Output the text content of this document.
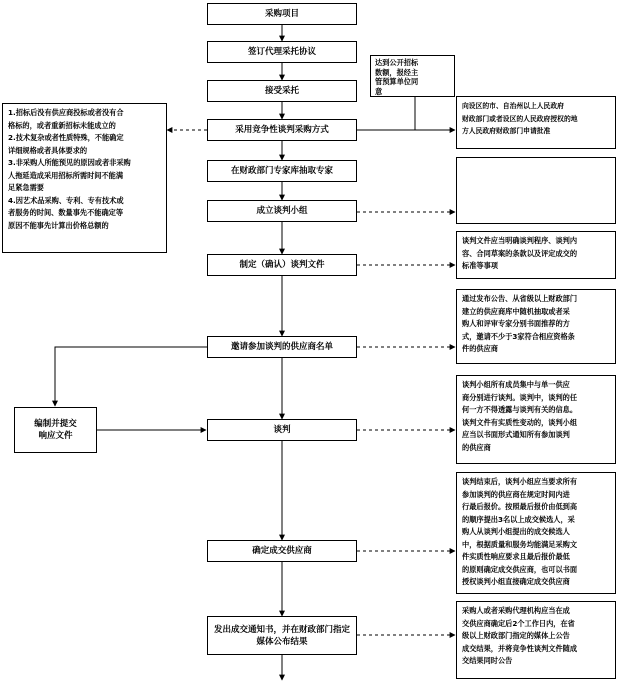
采购项目
签订代理采托协议
接受采托
采用竞争性谈判采购方式
在财政部门专家库抽取专家
成立谈判小组
制定（确认）谈判文件
邀请参加谈判的供应商名单
谈判
确定成交供应商
发出成交通知书，并在财政部门指定媒体公布结果
1.招标后没有供应商投标或者没有合
格标的，或者重新招标未能成立的
2.技术复杂或者性质特殊，不能确定
详细规格或者具体要求的
3.非采购人所能预见的原因或者非采购
人拖延造成采用招标所需时间不能满
足紧急需要
4.因艺术品采购、专利、专有技术或
者服务的时间、数量事先不能确定等
原因不能事先计算出价格总额的
编制并提交
响应文件
达到公开招标
数额，报经主
管预算单位同
意
向设区的市、自治州以上人民政府
财政部门或者设区的人民政府授权的地
方人民政府财政部门申请批准
谈判文件应当明确谈判程序、谈判内
容、合同草案的条款以及评定成交的
标准等事项
通过发布公告、从省级以上财政部门
建立的供应商库中随机抽取或者采
购人和评审专家分别书面推荐的方
式，邀请不少于3家符合相应资格条
件的供应商
谈判小组所有成员集中与单一供应
商分别进行谈判。谈判中，谈判的任
何一方不得透露与谈判有关的信息。
谈判文件有实质性变动的，谈判小组
应当以书面形式通知所有参加谈判
的供应商
谈判结束后，谈判小组应当要求所有
参加谈判的供应商在规定时间内进
行最后报价。按照最后报价由低到高
的顺序提出3名以上成交候选人，采
购人从谈判小组提出的成交候选人
中，根据质量和服务均能满足采购文
件实质性响应要求且最后报价最低
的原则确定成交供应商，也可以书面
授权谈判小组直接确定成交供应商
采购人或者采购代理机构应当在成
交供应商确定后2个工作日内，在省
级以上财政部门指定的媒体上公告
成交结果，并将竞争性谈判文件随成
交结果同时公告
